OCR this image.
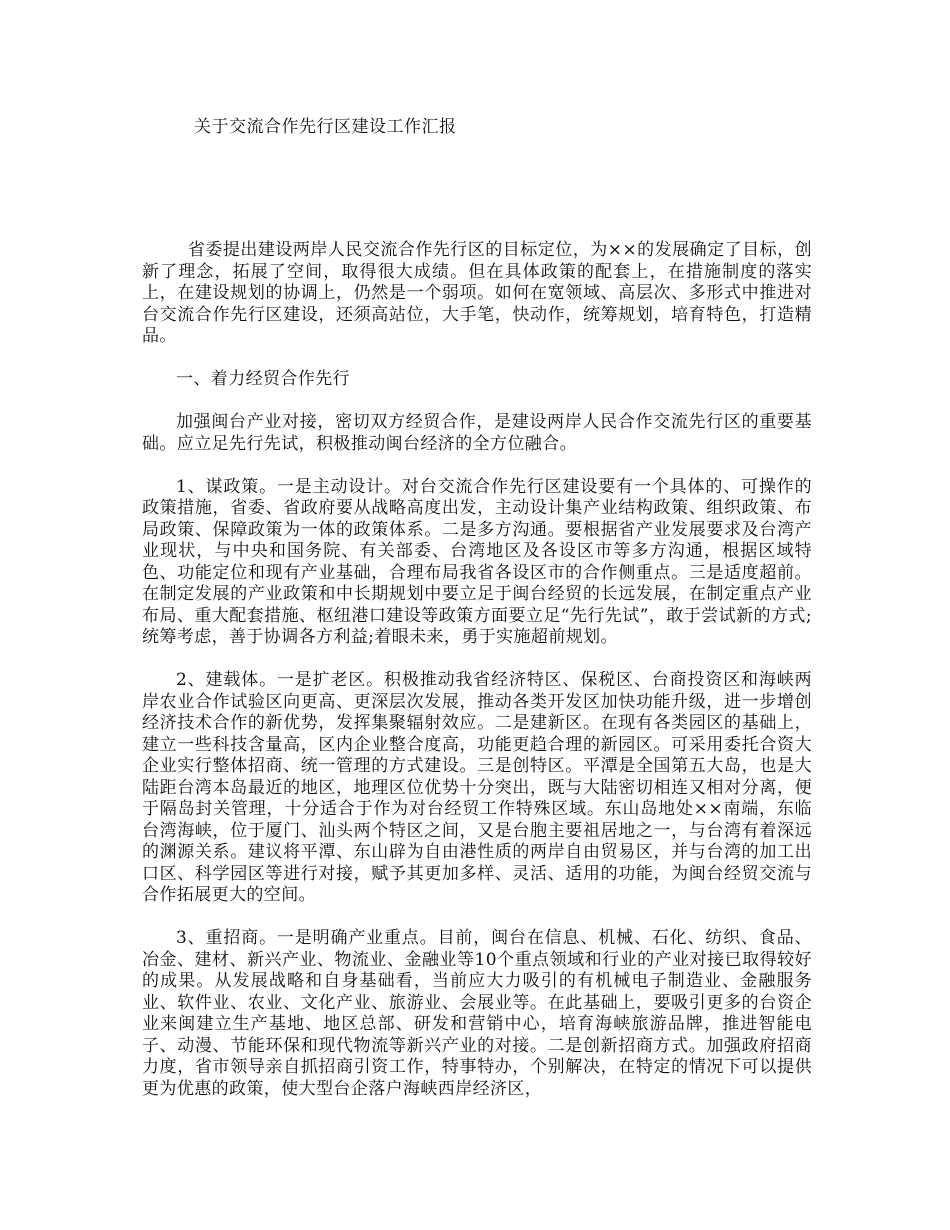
关于交流合作先行区建设工作汇报

省委提出建设两岸人民交流合作先行区的目标定位，为××的发展确定了目标，创新了理念，拓展了空间，取得很大成绩。但在具体政策的配套上，在措施制度的落实上，在建设规划的协调上，仍然是一个弱项。如何在宽领域、高层次、多形式中推进对台交流合作先行区建设，还须高站位，大手笔，快动作，统筹规划，培育特色，打造精品。

一、着力经贸合作先行

加强闽台产业对接，密切双方经贸合作，是建设两岸人民合作交流先行区的重要基础。应立足先行先试，积极推动闽台经济的全方位融合。

1、谋政策。一是主动设计。对台交流合作先行区建设要有一个具体的、可操作的政策措施，省委、省政府要从战略高度出发，主动设计集产业结构政策、组织政策、布局政策、保障政策为一体的政策体系。二是多方沟通。要根据省产业发展要求及台湾产业现状，与中央和国务院、有关部委、台湾地区及各设区市等多方沟通，根据区域特色、功能定位和现有产业基础，合理布局我省各设区市的合作侧重点。三是适度超前。在制定发展的产业政策和中长期规划中要立足于闽台经贸的长远发展，在制定重点产业布局、重大配套措施、枢纽港口建设等政策方面要立足“先行先试”，敢于尝试新的方式;统筹考虑，善于协调各方利益;着眼未来，勇于实施超前规划。

2、建载体。一是扩老区。积极推动我省经济特区、保税区、台商投资区和海峡两岸农业合作试验区向更高、更深层次发展，推动各类开发区加快功能升级，进一步增创经济技术合作的新优势，发挥集聚辐射效应。二是建新区。在现有各类园区的基础上，建立一些科技含量高，区内企业整合度高，功能更趋合理的新园区。可采用委托合资大企业实行整体招商、统一管理的方式建设。三是创特区。平潭是全国第五大岛，也是大陆距台湾本岛最近的地区，地理区位优势十分突出，既与大陆密切相连又相对分离，便于隔岛封关管理，十分适合于作为对台经贸工作特殊区域。东山岛地处××南端，东临台湾海峡，位于厦门、汕头两个特区之间，又是台胞主要祖居地之一，与台湾有着深远的渊源关系。建议将平潭、东山辟为自由港性质的两岸自由贸易区，并与台湾的加工出口区、科学园区等进行对接，赋予其更加多样、灵活、适用的功能，为闽台经贸交流与合作拓展更大的空间。

3、重招商。一是明确产业重点。目前，闽台在信息、机械、石化、纺织、食品、冶金、建材、新兴产业、物流业、金融业等10个重点领域和行业的产业对接已取得较好的成果。从发展战略和自身基础看，当前应大力吸引的有机械电子制造业、金融服务业、软件业、农业、文化产业、旅游业、会展业等。在此基础上，要吸引更多的台资企业来闽建立生产基地、地区总部、研发和营销中心，培育海峡旅游品牌，推进智能电子、动漫、节能环保和现代物流等新兴产业的对接。二是创新招商方式。加强政府招商力度，省市领导亲自抓招商引资工作，特事特办，个别解决，在特定的情况下可以提供更为优惠的政策，使大型台企落户海峡西岸经济区，
